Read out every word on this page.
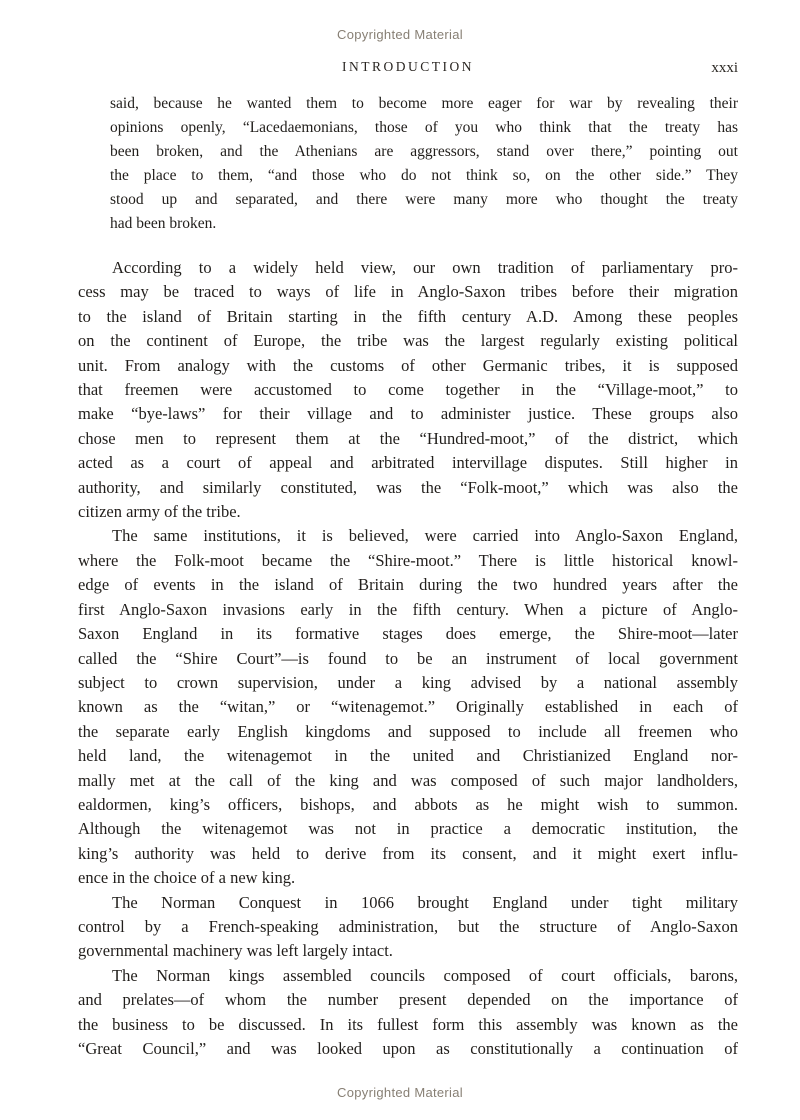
Copyrighted Material
INTRODUCTION	xxxi
said, because he wanted them to become more eager for war by revealing their
opinions openly, “Lacedaemonians, those of you who think that the treaty has
been broken, and the Athenians are aggressors, stand over there,” pointing out
the place to them, “and those who do not think so, on the other side.” They
stood up and separated, and there were many more who thought the treaty
had been broken.
According to a widely held view, our own tradition of parliamentary pro-
cess may be traced to ways of life in Anglo-Saxon tribes before their migration
to the island of Britain starting in the fifth century A.D. Among these peoples
on the continent of Europe, the tribe was the largest regularly existing political
unit. From analogy with the customs of other Germanic tribes, it is supposed
that freemen were accustomed to come together in the “Village-moot,” to
make “bye-laws” for their village and to administer justice. These groups also
chose men to represent them at the “Hundred-moot,” of the district, which
acted as a court of appeal and arbitrated intervillage disputes. Still higher in
authority, and similarly constituted, was the “Folk-moot,” which was also the
citizen army of the tribe.
The same institutions, it is believed, were carried into Anglo-Saxon England,
where the Folk-moot became the “Shire-moot.” There is little historical knowl-
edge of events in the island of Britain during the two hundred years after the
first Anglo-Saxon invasions early in the fifth century. When a picture of Anglo-
Saxon England in its formative stages does emerge, the Shire-moot—later
called the “Shire Court”—is found to be an instrument of local government
subject to crown supervision, under a king advised by a national assembly
known as the “witan,” or “witenagemot.” Originally established in each of
the separate early English kingdoms and supposed to include all freemen who
held land, the witenagemot in the united and Christianized England nor-
mally met at the call of the king and was composed of such major landholders,
ealdormen, king’s officers, bishops, and abbots as he might wish to summon.
Although the witenagemot was not in practice a democratic institution, the
king’s authority was held to derive from its consent, and it might exert influ-
ence in the choice of a new king.
The Norman Conquest in 1066 brought England under tight military
control by a French-speaking administration, but the structure of Anglo-Saxon
governmental machinery was left largely intact.
The Norman kings assembled councils composed of court officials, barons,
and prelates—of whom the number present depended on the importance of
the business to be discussed. In its fullest form this assembly was known as the
“Great Council,” and was looked upon as constitutionally a continuation of
Copyrighted Material
